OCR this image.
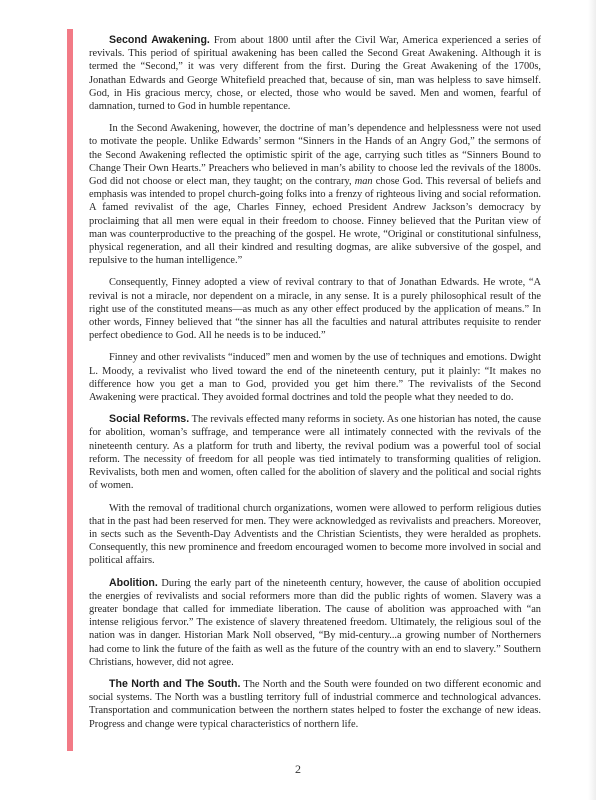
Second Awakening. From about 1800 until after the Civil War, America experienced a series of revivals. This period of spiritual awakening has been called the Second Great Awakening. Although it is termed the “Second,” it was very different from the first. During the Great Awakening of the 1700s, Jonathan Edwards and George Whitefield preached that, because of sin, man was helpless to save himself. God, in His gracious mercy, chose, or elected, those who would be saved. Men and women, fearful of damnation, turned to God in humble repentance.

In the Second Awakening, however, the doctrine of man’s dependence and helplessness were not used to motivate the people. Unlike Edwards’ sermon “Sinners in the Hands of an Angry God,” the sermons of the Second Awakening reflected the optimistic spirit of the age, carrying such titles as “Sinners Bound to Change Their Own Hearts.” Preachers who believed in man’s ability to choose led the revivals of the 1800s. God did not choose or elect man, they taught; on the contrary, man chose God. This reversal of beliefs and emphasis was intended to propel church-going folks into a frenzy of righteous living and social reformation. A famed revivalist of the age, Charles Finney, echoed President Andrew Jackson’s democracy by proclaiming that all men were equal in their freedom to choose. Finney believed that the Puritan view of man was counterproductive to the preaching of the gospel. He wrote, “Original or constitutional sinfulness, physical regeneration, and all their kindred and resulting dogmas, are alike subversive of the gospel, and repulsive to the human intelligence.”

Consequently, Finney adopted a view of revival contrary to that of Jonathan Edwards. He wrote, “A revival is not a miracle, nor dependent on a miracle, in any sense. It is a purely philosophical result of the right use of the constituted means—as much as any other effect produced by the application of means.” In other words, Finney believed that “the sinner has all the faculties and natural attributes requisite to render perfect obedience to God. All he needs is to be induced.”

Finney and other revivalists “induced” men and women by the use of techniques and emotions. Dwight L. Moody, a revivalist who lived toward the end of the nineteenth century, put it plainly: “It makes no difference how you get a man to God, provided you get him there.” The revivalists of the Second Awakening were practical. They avoided formal doctrines and told the people what they needed to do.

Social Reforms. The revivals effected many reforms in society. As one historian has noted, the cause for abolition, woman’s suffrage, and temperance were all intimately connected with the revivals of the nineteenth century. As a platform for truth and liberty, the revival podium was a powerful tool of social reform. The necessity of freedom for all people was tied intimately to transforming qualities of religion. Revivalists, both men and women, often called for the abolition of slavery and the political and social rights of women.

With the removal of traditional church organizations, women were allowed to perform religious duties that in the past had been reserved for men. They were acknowledged as revivalists and preachers. Moreover, in sects such as the Seventh-Day Adventists and the Christian Scientists, they were heralded as prophets. Consequently, this new prominence and freedom encouraged women to become more involved in social and political affairs.

Abolition. During the early part of the nineteenth century, however, the cause of abolition occupied the energies of revivalists and social reformers more than did the public rights of women. Slavery was a greater bondage that called for immediate liberation. The cause of abolition was approached with “an intense religious fervor.” The existence of slavery threatened freedom. Ultimately, the religious soul of the nation was in danger. Historian Mark Noll observed, “By mid-century...a growing number of Northerners had come to link the future of the faith as well as the future of the country with an end to slavery.” Southern Christians, however, did not agree.

The North and The South. The North and the South were founded on two different economic and social systems. The North was a bustling territory full of industrial commerce and technological advances. Transportation and communication between the northern states helped to foster the exchange of new ideas. Progress and change were typical characteristics of northern life.

2
